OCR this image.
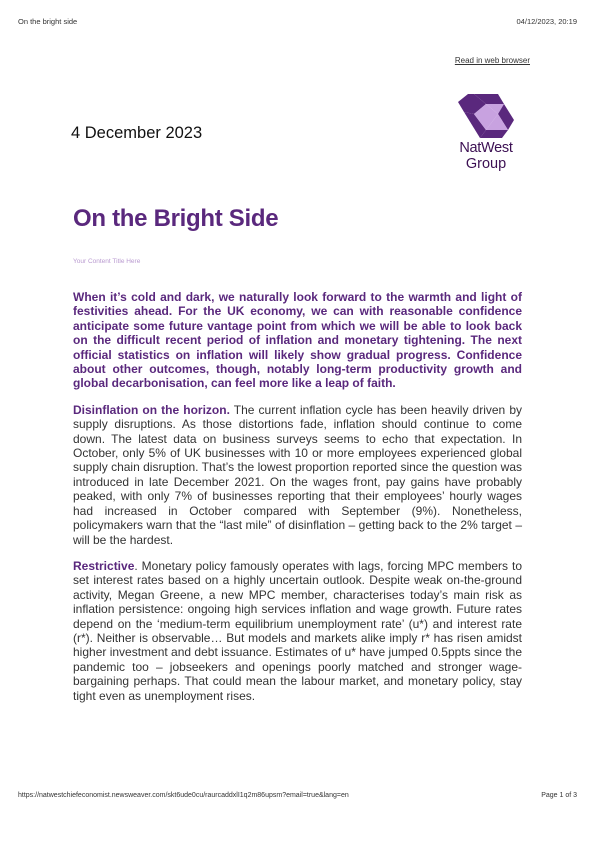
On the bright side	04/12/2023, 20:19
Read in web browser
4 December 2023
NatWest
Group
On the Bright Side
Your Content Title Here

When it’s cold and dark, we naturally look forward to the warmth and light of festivities ahead. For the UK economy, we can with reasonable confidence anticipate some future vantage point from which we will be able to look back on the difficult recent period of inflation and monetary tightening. The next official statistics on inflation will likely show gradual progress. Confidence about other outcomes, though, notably long-term productivity growth and global decarbonisation, can feel more like a leap of faith.

Disinflation on the horizon. The current inflation cycle has been heavily driven by supply disruptions. As those distortions fade, inflation should continue to come down. The latest data on business surveys seems to echo that expectation. In October, only 5% of UK businesses with 10 or more employees experienced global supply chain disruption. That’s the lowest proportion reported since the question was introduced in late December 2021. On the wages front, pay gains have probably peaked, with only 7% of businesses reporting that their employees’ hourly wages had increased in October compared with September (9%). Nonetheless, policymakers warn that the “last mile” of disinflation – getting back to the 2% target – will be the hardest.

Restrictive. Monetary policy famously operates with lags, forcing MPC members to set interest rates based on a highly uncertain outlook. Despite weak on-the-ground activity, Megan Greene, a new MPC member, characterises today’s main risk as inflation persistence: ongoing high services inflation and wage growth. Future rates depend on the ‘medium-term equilibrium unemployment rate’ (u*) and interest rate (r*). Neither is observable… But models and markets alike imply r* has risen amidst higher investment and debt issuance. Estimates of u* have jumped 0.5ppts since the pandemic too – jobseekers and openings poorly matched and stronger wage-bargaining perhaps. That could mean the labour market, and monetary policy, stay tight even as unemployment rises.

https://natwestchiefeconomist.newsweaver.com/skt6ude0cu/raurcaddxlI1q2m86upsm?email=true&lang=en	Page 1 of 3
